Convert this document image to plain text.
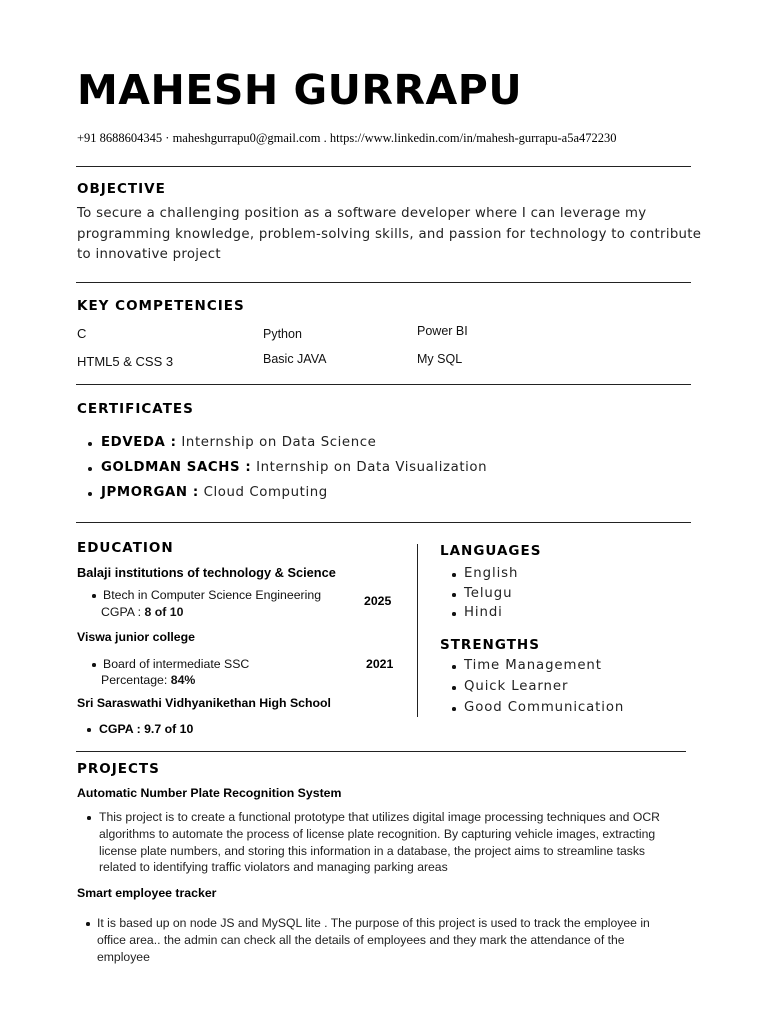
MAHESH GURRAPU
+91 8688604345 · maheshgurrapu0@gmail.com . https://www.linkedin.com/in/mahesh-gurrapu-a5a472230
OBJECTIVE
To secure a challenging position as a software developer where I can leverage my
programming knowledge, problem-solving skills, and passion for technology to contribute
to innovative project
KEY COMPETENCIES
C	Python	Power BI
HTML5 & CSS 3	Basic JAVA	My SQL
CERTIFICATES
EDVEDA : Internship on Data Science
GOLDMAN SACHS : Internship on Data Visualization
JPMORGAN : Cloud Computing
EDUCATION
Balaji institutions of technology & Science
Btech in Computer Science Engineering
CGPA : 8 of 10
2025
Viswa junior college
Board of intermediate SSC
Percentage: 84%
2021
Sri Saraswathi Vidhyanikethan High School
CGPA : 9.7 of 10
LANGUAGES
English
Telugu
Hindi
STRENGTHS
Time Management
Quick Learner
Good Communication
PROJECTS
Automatic Number Plate Recognition System
This project is to create a functional prototype that utilizes digital image processing techniques and OCR
algorithms to automate the process of license plate recognition. By capturing vehicle images, extracting
license plate numbers, and storing this information in a database, the project aims to streamline tasks
related to identifying traffic violators and managing parking areas
Smart employee tracker
It is based up on node JS and MySQL lite . The purpose of this project is used to track the employee in
office area.. the admin can check all the details of employees and they mark the attendance of the
employee
